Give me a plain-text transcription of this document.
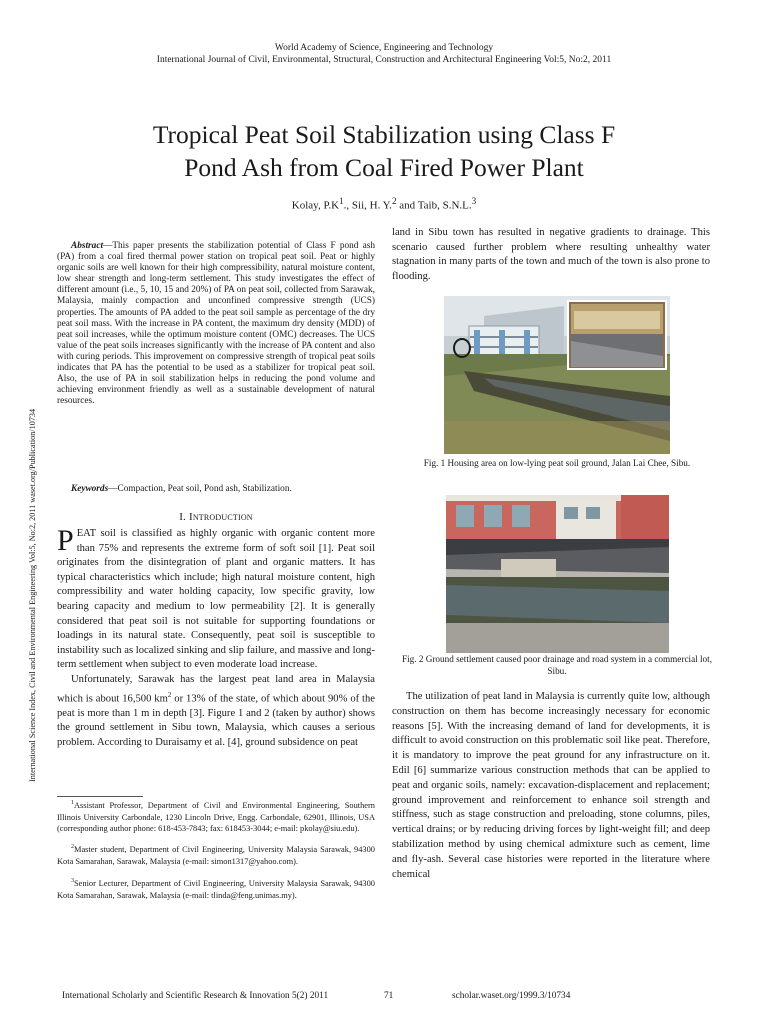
World Academy of Science, Engineering and Technology
International Journal of Civil, Environmental, Structural, Construction and Architectural Engineering Vol:5, No:2, 2011
Tropical Peat Soil Stabilization using Class F
Pond Ash from Coal Fired Power Plant
Kolay, $P.K^1$., Sii, H. Y.$^2$ and Taib, S.N.L.$^3$
International Science Index, Civil and Environmental Engineering Vol:5, No:2, 2011 waset.org/Publication/10734
Abstract—This paper presents the stabilization potential of Class F pond ash (PA) from a coal fired thermal power station on tropical peat soil. Peat or highly organic soils are well known for their high compressibility, natural moisture content, low shear strength and long-term settlement. This study investigates the effect of different amount (i.e., 5, 10, 15 and 20%) of PA on peat soil, collected from Sarawak, Malaysia, mainly compaction and unconfined compressive strength (UCS) properties. The amounts of PA added to the peat soil sample as percentage of the dry peat soil mass. With the increase in PA content, the maximum dry density (MDD) of peat soil increases, while the optimum moisture content (OMC) decreases. The UCS value of the peat soils increases significantly with the increase of PA content and also with curing periods. This improvement on compressive strength of tropical peat soils indicates that PA has the potential to be used as a stabilizer for tropical peat soil. Also, the use of PA in soil stabilization helps in reducing the pond volume and achieving environment friendly as well as a sustainable development of natural resources.
Keywords—Compaction, Peat soil, Pond ash, Stabilization.
I. Introduction

PEAT soil is classified as highly organic with organic content more than 75% and represents the extreme form of soft soil [1]. Peat soil originates from the disintegration of plant and organic matters. It has typical characteristics which include; high natural moisture content, high compressibility and water holding capacity, low specific gravity, low bearing capacity and medium to low permeability [2]. It is generally considered that peat soil is not suitable for supporting foundations or loadings in its natural state. Consequently, peat soil is susceptible to instability such as localized sinking and slip failure, and massive and long-term settlement when subject to even moderate load increase.

Unfortunately, Sarawak has the largest peat land area in Malaysia which is about 16,500 $km^2$ or 13% of the state, of which about 90% of the peat is more than 1 m in depth [3]. Figure 1 and 2 (taken by author) shows the ground settlement in Sibu town, Malaysia, which causes a serious problem. According to Duraisamy et al. [4], ground subsidence on peat

$^1$Assistant Professor, Department of Civil and Environmental Engineering, Southern Illinois University Carbondale, 1230 Lincoln Drive, Engg. Carbondale, 62901, Illinois, USA (corresponding author phone: 618-453-7843; fax: 618453-3044; e-mail: pkolay@siu.edu).
$^2$Master student, Department of Civil Engineering, University Malaysia Sarawak, 94300 Kota Samarahan, Sarawak, Malaysia (e-mail: simon1317@yahoo.com).
$^3$Senior Lecturer, Department of Civil Engineering, University Malaysia Sarawak, 94300 Kota Samarahan, Sarawak, Malaysia (e-mail: tlinda@feng.unimas.my).
land in Sibu town has resulted in negative gradients to drainage. This scenario caused further problem where resulting unhealthy water stagnation in many parts of the town and much of the town is also prone to flooding.
Fig. 1 Housing area on low-lying peat soil ground, Jalan Lai Chee, Sibu.
Fig. 2 Ground settlement caused poor drainage and road system in a commercial lot, Sibu.
The utilization of peat land in Malaysia is currently quite low, although construction on them has become increasingly necessary for economic reasons [5]. With the increasing demand of land for developments, it is difficult to avoid construction on this problematic soil like peat. Therefore, it is mandatory to improve the peat ground for any infrastructure on it. Edil [6] summarize various construction methods that can be applied to peat and organic soils, namely: excavation-displacement and replacement; ground improvement and reinforcement to enhance soil strength and stiffness, such as stage construction and preloading, stone columns, piles, vertical drains; or by reducing driving forces by light-weight fill; and deep stabilization method by using chemical admixture such as cement, lime and fly-ash. Several case histories were reported in the literature where chemical
International Scholarly and Scientific Research & Innovation 5(2) 2011	71	scholar.waset.org/1999.3/10734
